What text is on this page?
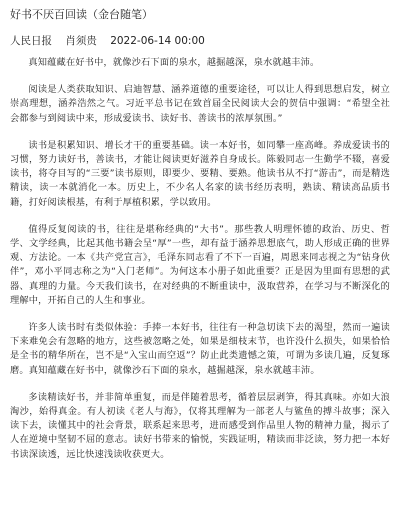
好书不厌百回读（金台随笔）
人民日报 肖须贵 2022-06-14 00:00

真知蕴藏在好书中，就像沙石下面的泉水，越掘越深，泉水就越丰沛。

阅读是人类获取知识、启迪智慧、涵养道德的重要途径，可以让人得到思想启发，树立崇高理想，涵养浩然之气。习近平总书记在致首届全民阅读大会的贺信中强调：“希望全社会都参与到阅读中来，形成爱读书、读好书、善读书的浓厚氛围。”

读书是积累知识、增长才干的重要基础。读一本好书，如同攀一座高峰。养成爱读书的习惯，努力读好书，善读书，才能让阅读更好滋养自身成长。陈毅同志一生勤学不辍，喜爱读书，将夺目写的“三要”读书原则，即要少、要精、要熟。他读书从不打“游击”，而是精选精读，读一本就消化一本。历史上，不少名人名家的读书经历表明，熟读、精读高品质书籍，打好阅读根基，有利于厚植积累，学以致用。

值得反复阅读的书，往往是堪称经典的“大书”。那些教人明理怀德的政治、历史、哲学、文学经典，比起其他书籍会呈“厚”一些，却有益于涵养思想底气，助人形成正确的世界观、方法论。一本《共产党宣言》，毛泽东同志看了不下一百遍，周恩来同志视之为“钻身伙伴”，邓小平同志称之为“入门老师”。为何这本小册子如此重要？正是因为里面有思想的武器、真理的力量。今天我们读书，在对经典的不断重读中，汲取营养，在学习与不断深化的理解中，开拓自己的人生和事业。

许多人读书时有类似体验：手捧一本好书，往往有一种急切读下去的渴望，然而一遍读下来难免会有忽略的地方，这些被忽略之处，如果是细枝末节，也许没什么损失，如果恰恰是全书的精华所在，岂不是“入宝山而空返”？防止此类遗憾之策，可谓为多读几遍，反复琢磨。真知蕴藏在好书中，就像沙石下面的泉水，越掘越深，泉水就越丰沛。

多读精读好书，并非简单重复，而是伴随着思考，循着层层剥笋，得其真味。亦如大浪淘沙，始得真金。有人初读《老人与海》，仅将其理解为一部老人与鲨鱼的搏斗故事；深入读下去，读懂其中的社会背景，联系起来思考，进而感受到作品里人物的精神力量，揭示了人在逆境中坚韧不屈的意志。读好书带来的愉悦，实践证明，精读而非泛读，努力把一本好书读深读透，远比快速浅读收获更大。
